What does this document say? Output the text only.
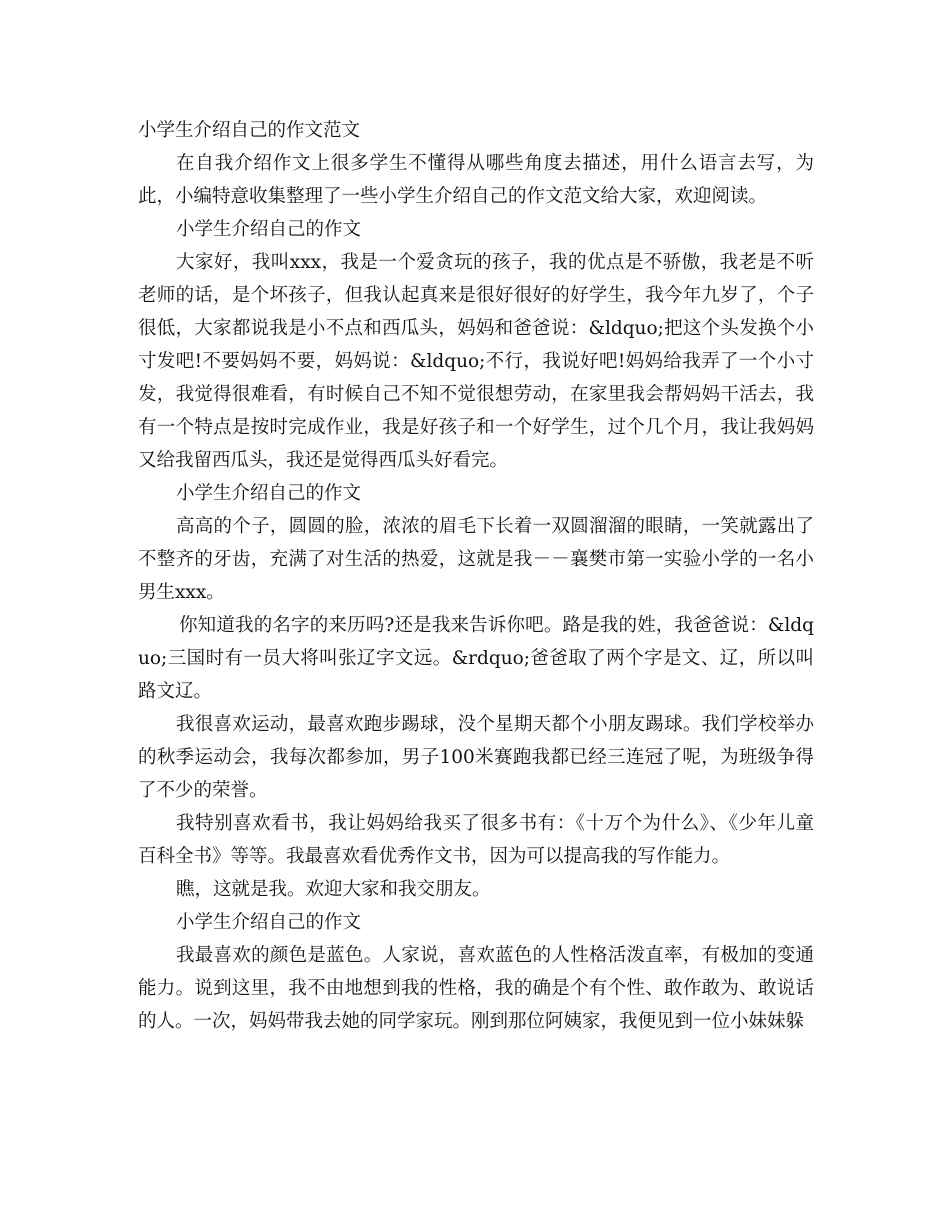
小学生介绍自己的作文范文

在自我介绍作文上很多学生不懂得从哪些角度去描述，用什么语言去写，为此，小编特意收集整理了一些小学生介绍自己的作文范文给大家，欢迎阅读。

小学生介绍自己的作文

大家好，我叫xxx，我是一个爱贪玩的孩子，我的优点是不骄傲，我老是不听老师的话，是个坏孩子，但我认起真来是很好很好的好学生，我今年九岁了，个子很低，大家都说我是小不点和西瓜头，妈妈和爸爸说：&ldquo;把这个头发换个小寸发吧!不要妈妈不要，妈妈说：&ldquo;不行，我说好吧!妈妈给我弄了一个小寸发，我觉得很难看，有时候自己不知不觉很想劳动，在家里我会帮妈妈干活去，我有一个特点是按时完成作业，我是好孩子和一个好学生，过个几个月，我让我妈妈又给我留西瓜头，我还是觉得西瓜头好看完。

小学生介绍自己的作文

高高的个子，圆圆的脸，浓浓的眉毛下长着一双圆溜溜的眼睛，一笑就露出了不整齐的牙齿，充满了对生活的热爱，这就是我－－襄樊市第一实验小学的一名小男生xxx。

你知道我的名字的来历吗?还是我来告诉你吧。路是我的姓，我爸爸说：&ldquo;三国时有一员大将叫张辽字文远。&rdquo;爸爸取了两个字是文、辽，所以叫路文辽。

我很喜欢运动，最喜欢跑步踢球，没个星期天都个小朋友踢球。我们学校举办的秋季运动会，我每次都参加，男子100米赛跑我都已经三连冠了呢，为班级争得了不少的荣誉。

我特别喜欢看书，我让妈妈给我买了很多书有：《十万个为什么》、《少年儿童百科全书》等等。我最喜欢看优秀作文书，因为可以提高我的写作能力。

瞧，这就是我。欢迎大家和我交朋友。

小学生介绍自己的作文

我最喜欢的颜色是蓝色。人家说，喜欢蓝色的人性格活泼直率，有极加的变通能力。说到这里，我不由地想到我的性格，我的确是个有个性、敢作敢为、敢说话的人。一次，妈妈带我去她的同学家玩。刚到那位阿姨家，我便见到一位小妹妹躲
